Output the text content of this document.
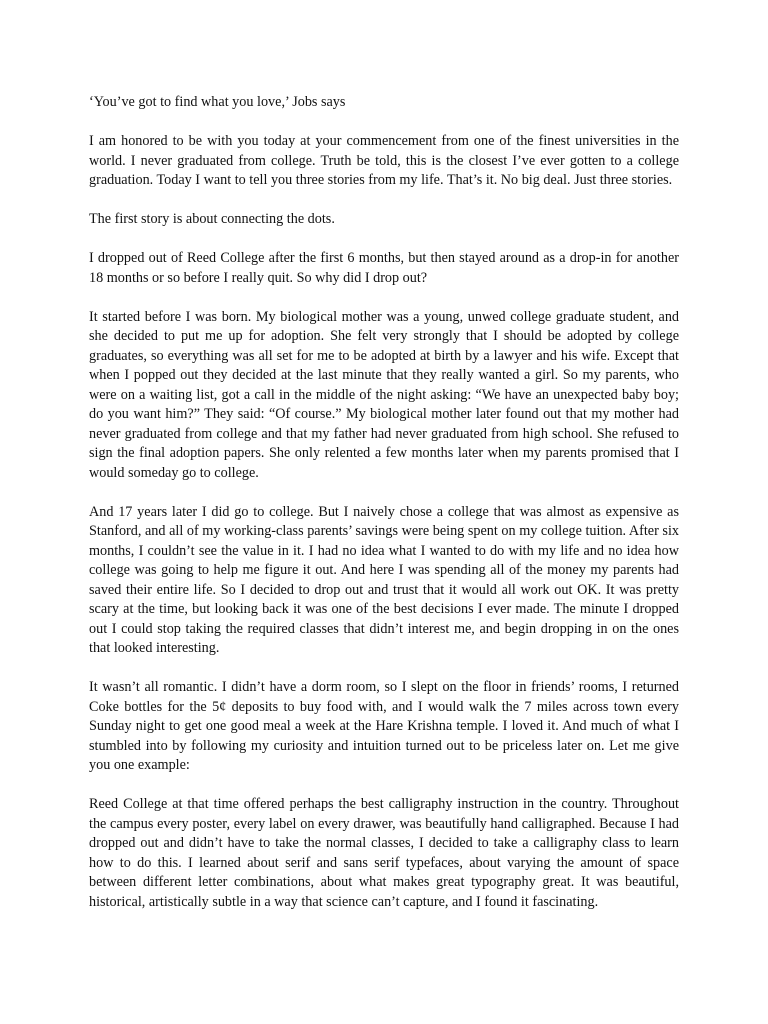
‘You’ve got to find what you love,’ Jobs says

I am honored to be with you today at your commencement from one of the finest universities in the world. I never graduated from college. Truth be told, this is the closest I’ve ever gotten to a college graduation. Today I want to tell you three stories from my life. That’s it. No big deal. Just three stories.

The first story is about connecting the dots.

I dropped out of Reed College after the first 6 months, but then stayed around as a drop-in for another 18 months or so before I really quit. So why did I drop out?

It started before I was born. My biological mother was a young, unwed college graduate student, and she decided to put me up for adoption. She felt very strongly that I should be adopted by college graduates, so everything was all set for me to be adopted at birth by a lawyer and his wife. Except that when I popped out they decided at the last minute that they really wanted a girl. So my parents, who were on a waiting list, got a call in the middle of the night asking: “We have an unexpected baby boy; do you want him?” They said: “Of course.” My biological mother later found out that my mother had never graduated from college and that my father had never graduated from high school. She refused to sign the final adoption papers. She only relented a few months later when my parents promised that I would someday go to college.

And 17 years later I did go to college. But I naively chose a college that was almost as expensive as Stanford, and all of my working-class parents’ savings were being spent on my college tuition. After six months, I couldn’t see the value in it. I had no idea what I wanted to do with my life and no idea how college was going to help me figure it out. And here I was spending all of the money my parents had saved their entire life. So I decided to drop out and trust that it would all work out OK. It was pretty scary at the time, but looking back it was one of the best decisions I ever made. The minute I dropped out I could stop taking the required classes that didn’t interest me, and begin dropping in on the ones that looked interesting.

It wasn’t all romantic. I didn’t have a dorm room, so I slept on the floor in friends’ rooms, I returned Coke bottles for the 5¢ deposits to buy food with, and I would walk the 7 miles across town every Sunday night to get one good meal a week at the Hare Krishna temple. I loved it. And much of what I stumbled into by following my curiosity and intuition turned out to be priceless later on. Let me give you one example:

Reed College at that time offered perhaps the best calligraphy instruction in the country. Throughout the campus every poster, every label on every drawer, was beautifully hand calligraphed. Because I had dropped out and didn’t have to take the normal classes, I decided to take a calligraphy class to learn how to do this. I learned about serif and sans serif typefaces, about varying the amount of space between different letter combinations, about what makes great typography great. It was beautiful, historical, artistically subtle in a way that science can’t capture, and I found it fascinating.
